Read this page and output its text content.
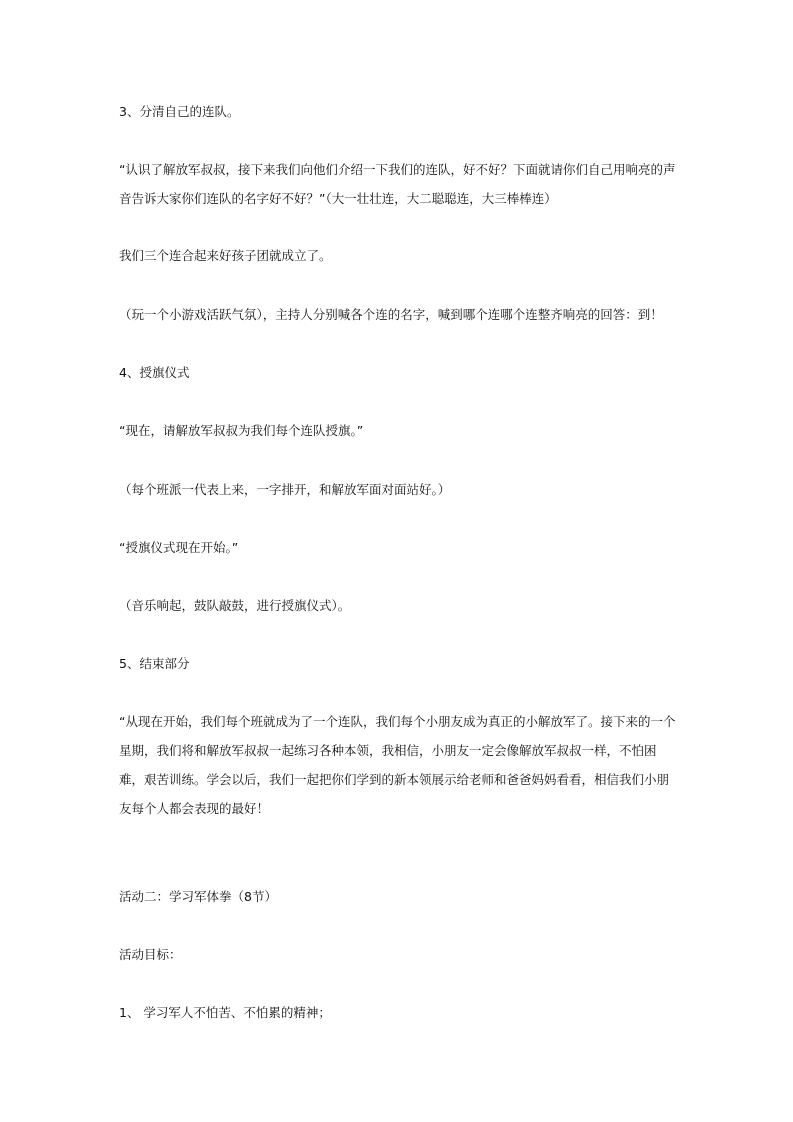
3、分清自己的连队。

“认识了解放军叔叔，接下来我们向他们介绍一下我们的连队，好不好？下面就请你们自己用响亮的声音告诉大家你们连队的名字好不好？”（大一壮壮连，大二聪聪连，大三棒棒连）

我们三个连合起来好孩子团就成立了。

（玩一个小游戏活跃气氛），主持人分别喊各个连的名字，喊到哪个连哪个连整齐响亮的回答：到！

4、授旗仪式

“现在，请解放军叔叔为我们每个连队授旗。”

（每个班派一代表上来，一字排开，和解放军面对面站好。）

“授旗仪式现在开始。”

（音乐响起，鼓队敲鼓，进行授旗仪式）。

5、结束部分

“从现在开始，我们每个班就成为了一个连队，我们每个小朋友成为真正的小解放军了。接下来的一个星期，我们将和解放军叔叔一起练习各种本领，我相信，小朋友一定会像解放军叔叔一样，不怕困难，艰苦训练。学会以后，我们一起把你们学到的新本领展示给老师和爸爸妈妈看看，相信我们小朋友每个人都会表现的最好！

活动二：学习军体拳（8节）

活动目标：

1、 学习军人不怕苦、不怕累的精神；
